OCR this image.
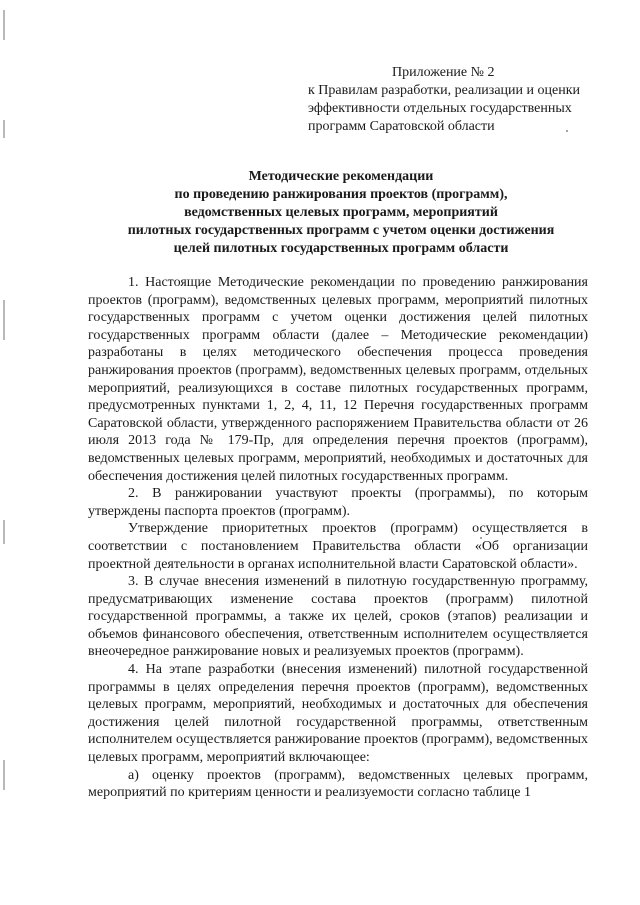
Приложение № 2
к Правилам разработки, реализации и оценки эффективности отдельных государственных программ Саратовской области
Методические рекомендации
по проведению ранжирования проектов (программ),
ведомственных целевых программ, мероприятий
пилотных государственных программ с учетом оценки достижения
целей пилотных государственных программ области

1. Настоящие Методические рекомендации по проведению ранжирования проектов (программ), ведомственных целевых программ, мероприятий пилотных государственных программ с учетом оценки достижения целей пилотных государственных программ области (далее – Методические рекомендации) разработаны в целях методического обеспечения процесса проведения ранжирования проектов (программ), ведомственных целевых программ, отдельных мероприятий, реализующихся в составе пилотных государственных программ, предусмотренных пунктами 1, 2, 4, 11, 12 Перечня государственных программ Саратовской области, утвержденного распоряжением Правительства области от 26 июля 2013 года № 179-Пр, для определения перечня проектов (программ), ведомственных целевых программ, мероприятий, необходимых и достаточных для обеспечения достижения целей пилотных государственных программ.

2. В ранжировании участвуют проекты (программы), по которым утверждены паспорта проектов (программ).

Утверждение приоритетных проектов (программ) осуществляется в соответствии с постановлением Правительства области «Об организации проектной деятельности в органах исполнительной власти Саратовской области».

3. В случае внесения изменений в пилотную государственную программу, предусматривающих изменение состава проектов (программ) пилотной государственной программы, а также их целей, сроков (этапов) реализации и объемов финансового обеспечения, ответственным исполнителем осуществляется внеочередное ранжирование новых и реализуемых проектов (программ).

4. На этапе разработки (внесения изменений) пилотной государственной программы в целях определения перечня проектов (программ), ведомственных целевых программ, мероприятий, необходимых и достаточных для обеспечения достижения целей пилотной государственной программы, ответственным исполнителем осуществляется ранжирование проектов (программ), ведомственных целевых программ, мероприятий включающее:

а) оценку проектов (программ), ведомственных целевых программ, мероприятий по критериям ценности и реализуемости согласно таблице 1
